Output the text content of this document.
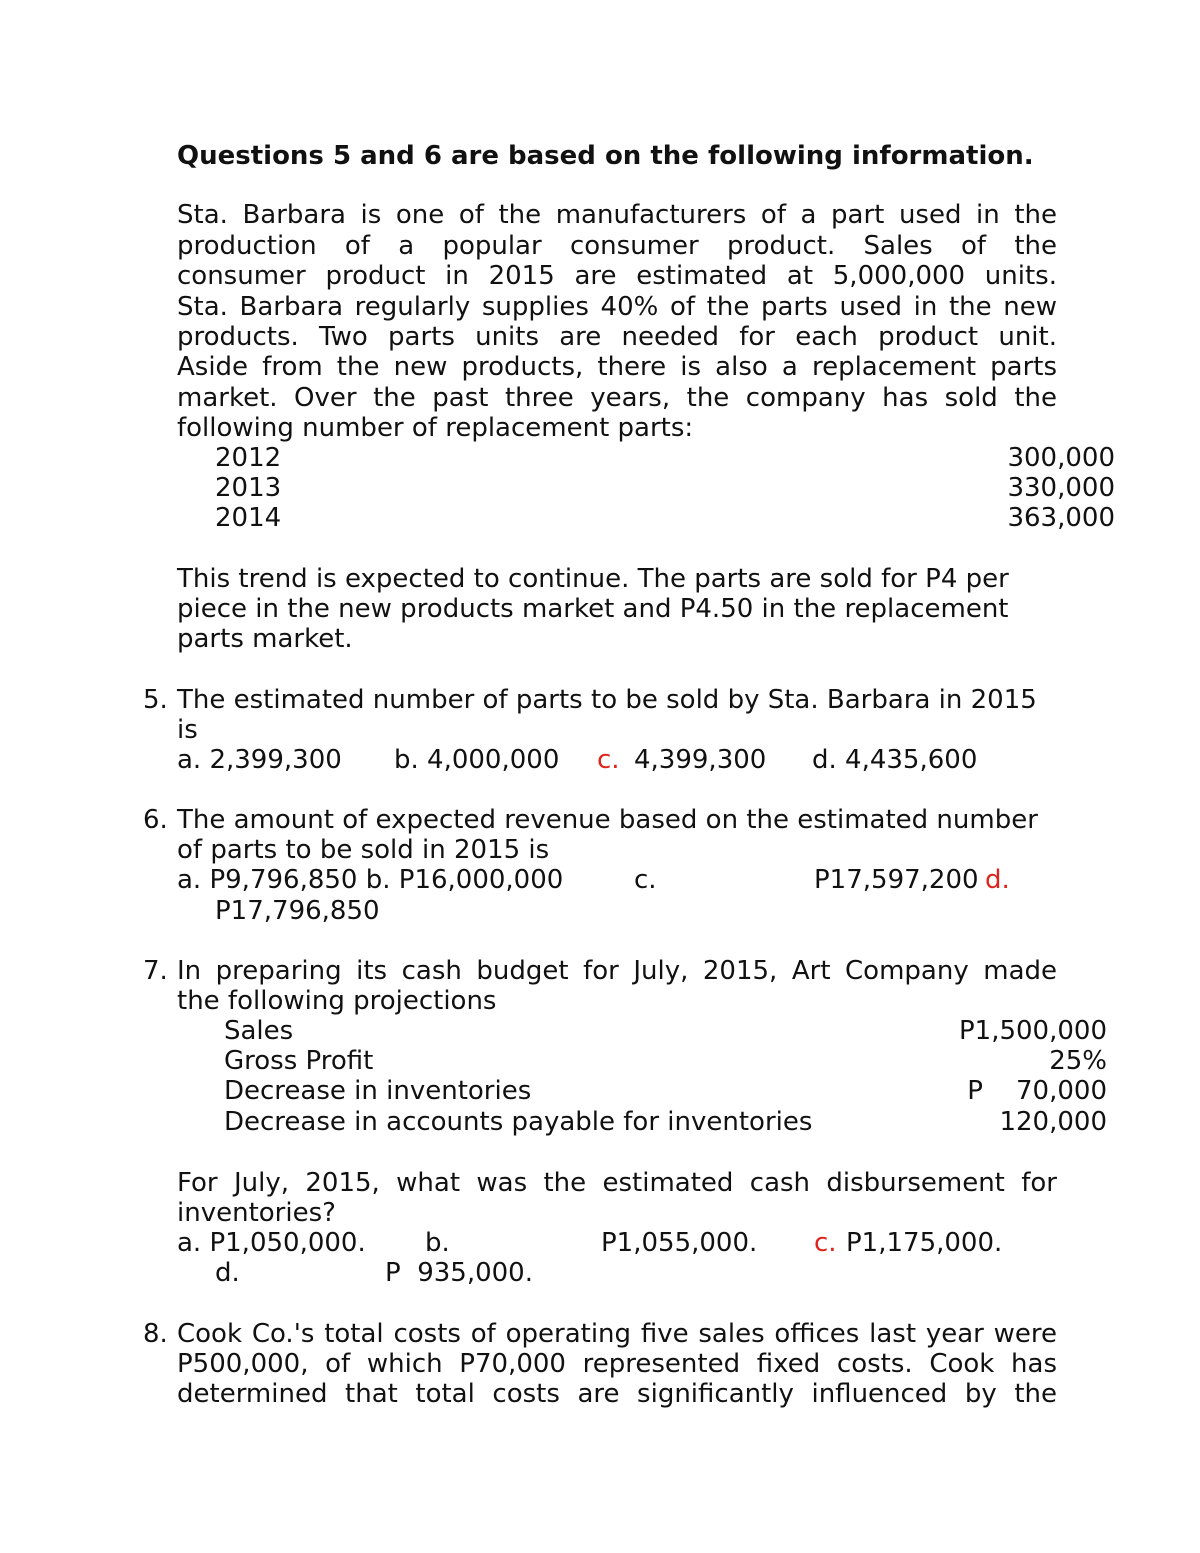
Questions 5 and 6 are based on the following information.
Sta. Barbara is one of the manufacturers of a part used in the
production of a popular consumer product. Sales of the
consumer product in 2015 are estimated at 5,000,000 units.
Sta. Barbara regularly supplies 40% of the parts used in the new
products. Two parts units are needed for each product unit.
Aside from the new products, there is also a replacement parts
market. Over the past three years, the company has sold the
following number of replacement parts:
2012	300,000
2013	330,000
2014	363,000
This trend is expected to continue. The parts are sold for P4 per
piece in the new products market and P4.50 in the replacement
parts market.
5. The estimated number of parts to be sold by Sta. Barbara in 2015
is
a. 2,399,300 b. 4,000,000 c. 4,399,300 d. 4,435,600
6. The amount of expected revenue based on the estimated number
of parts to be sold in 2015 is
a. P9,796,850 b. P16,000,000	c.	P17,597,200 d.
P17,796,850
7. In preparing its cash budget for July, 2015, Art Company made
the following projections
Sales	P1,500,000
Gross Profit	25%
Decrease in inventories	P    70,000
Decrease in accounts payable for inventories	120,000
For July, 2015, what was the estimated cash disbursement for
inventories?
a. P1,050,000. b.	P1,055,000. c. P1,175,000.
d.	P  935,000.
8. Cook Co.'s total costs of operating five sales offices last year were
P500,000, of which P70,000 represented fixed costs. Cook has
determined that total costs are significantly influenced by the
